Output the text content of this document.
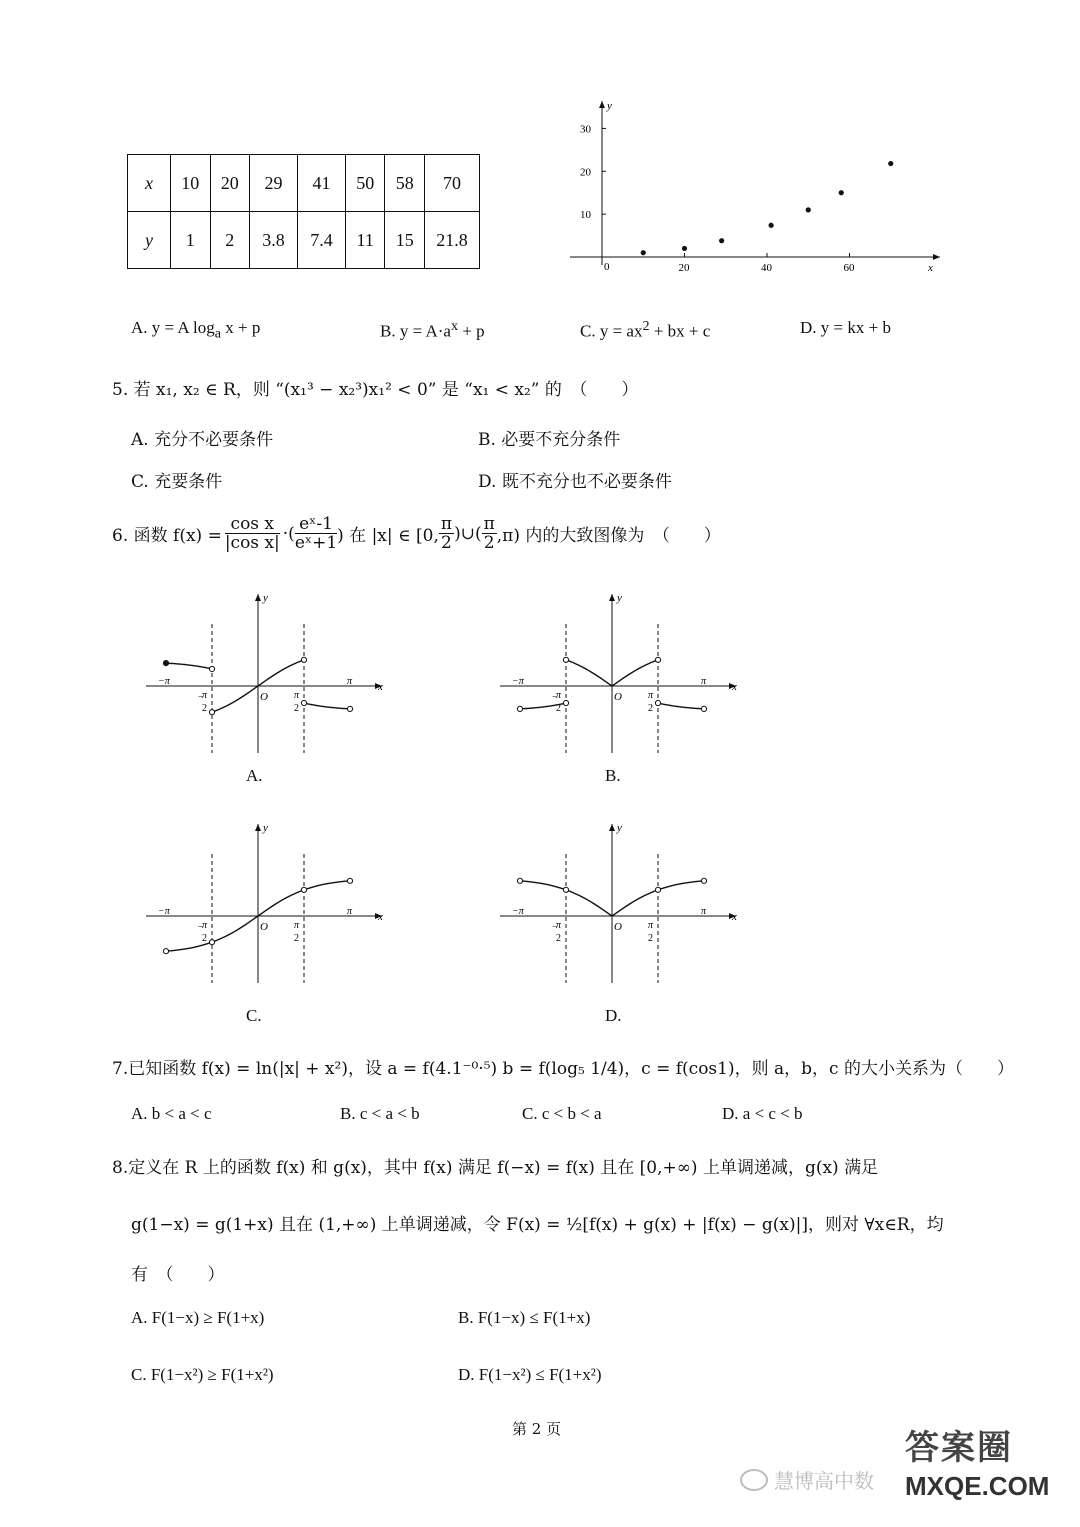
x	10	20	29	41	50	58	70
y	1	2	3.8	7.4	11	15	21.8
x
y
0	20	40	60
10
20
30
A. y = A $\log_a x + p$	B. $y = A\cdot a^x + p$	C. $y = ax^2$ + bx + c	D. y = kx + b
5. 若 x₁, x₂ ∈ R，则 “(x₁³ − x₂³)x₁² < 0” 是 “x₁ < x₂” 的　（　　）
A. 充分不必要条件	B. 必要不充分条件
C. 充要条件	D. 既不充分也不必要条件
6. 函数 $f(x) = \frac{\text{cos x}}{\text{|cos x|}}$ ·( $\frac{\text{eˣ-1}}{\text{eˣ+1}}$ ) 在 |x| ∈ [0, $\frac{\pi}{2}$ )∪( $\frac{\pi}{2} ,\pi$) 内的大致图像为　（　　）
x
y
O
−π	π
−
π
2
π
2
x
y
O
−π	π
−
π
2
π
2
x
y
O
−π	π
−
π
2
π
2
x
y
O
−π	π
−
π
2
π
2
A.	B.
C.	D.
7.已知函数 f(x) = ln(|x| + x²)，设 a = f(4.1⁻⁰·⁵) b = f(log₅ 1/4)，c = f(cos1)，则 a，b，c 的大小关系为（　　）
A. b < a < c	B. c < a < b	C. c < b < a	D. a < c < b
8.定义在 R 上的函数 f(x) 和 g(x)，其中 f(x) 满足 f(−x) = f(x) 且在 [0,+∞) 上单调递减，g(x) 满足
g(1−x) = g(1+x) 且在 (1,+∞) 上单调递减，令 F(x) = ½[f(x) + g(x) + |f(x) − g(x)|]，则对 ∀x∈R，均
有　（　　）
A. F(1−x) ≥ F(1+x)	B. F(1−x) ≤ F(1+x)
C. F(1−x²) ≥ F(1+x²)	D. F(1−x²) ≤ F(1+x²)
第 2 页
慧博高中数
答案圈
MXQE.COM
